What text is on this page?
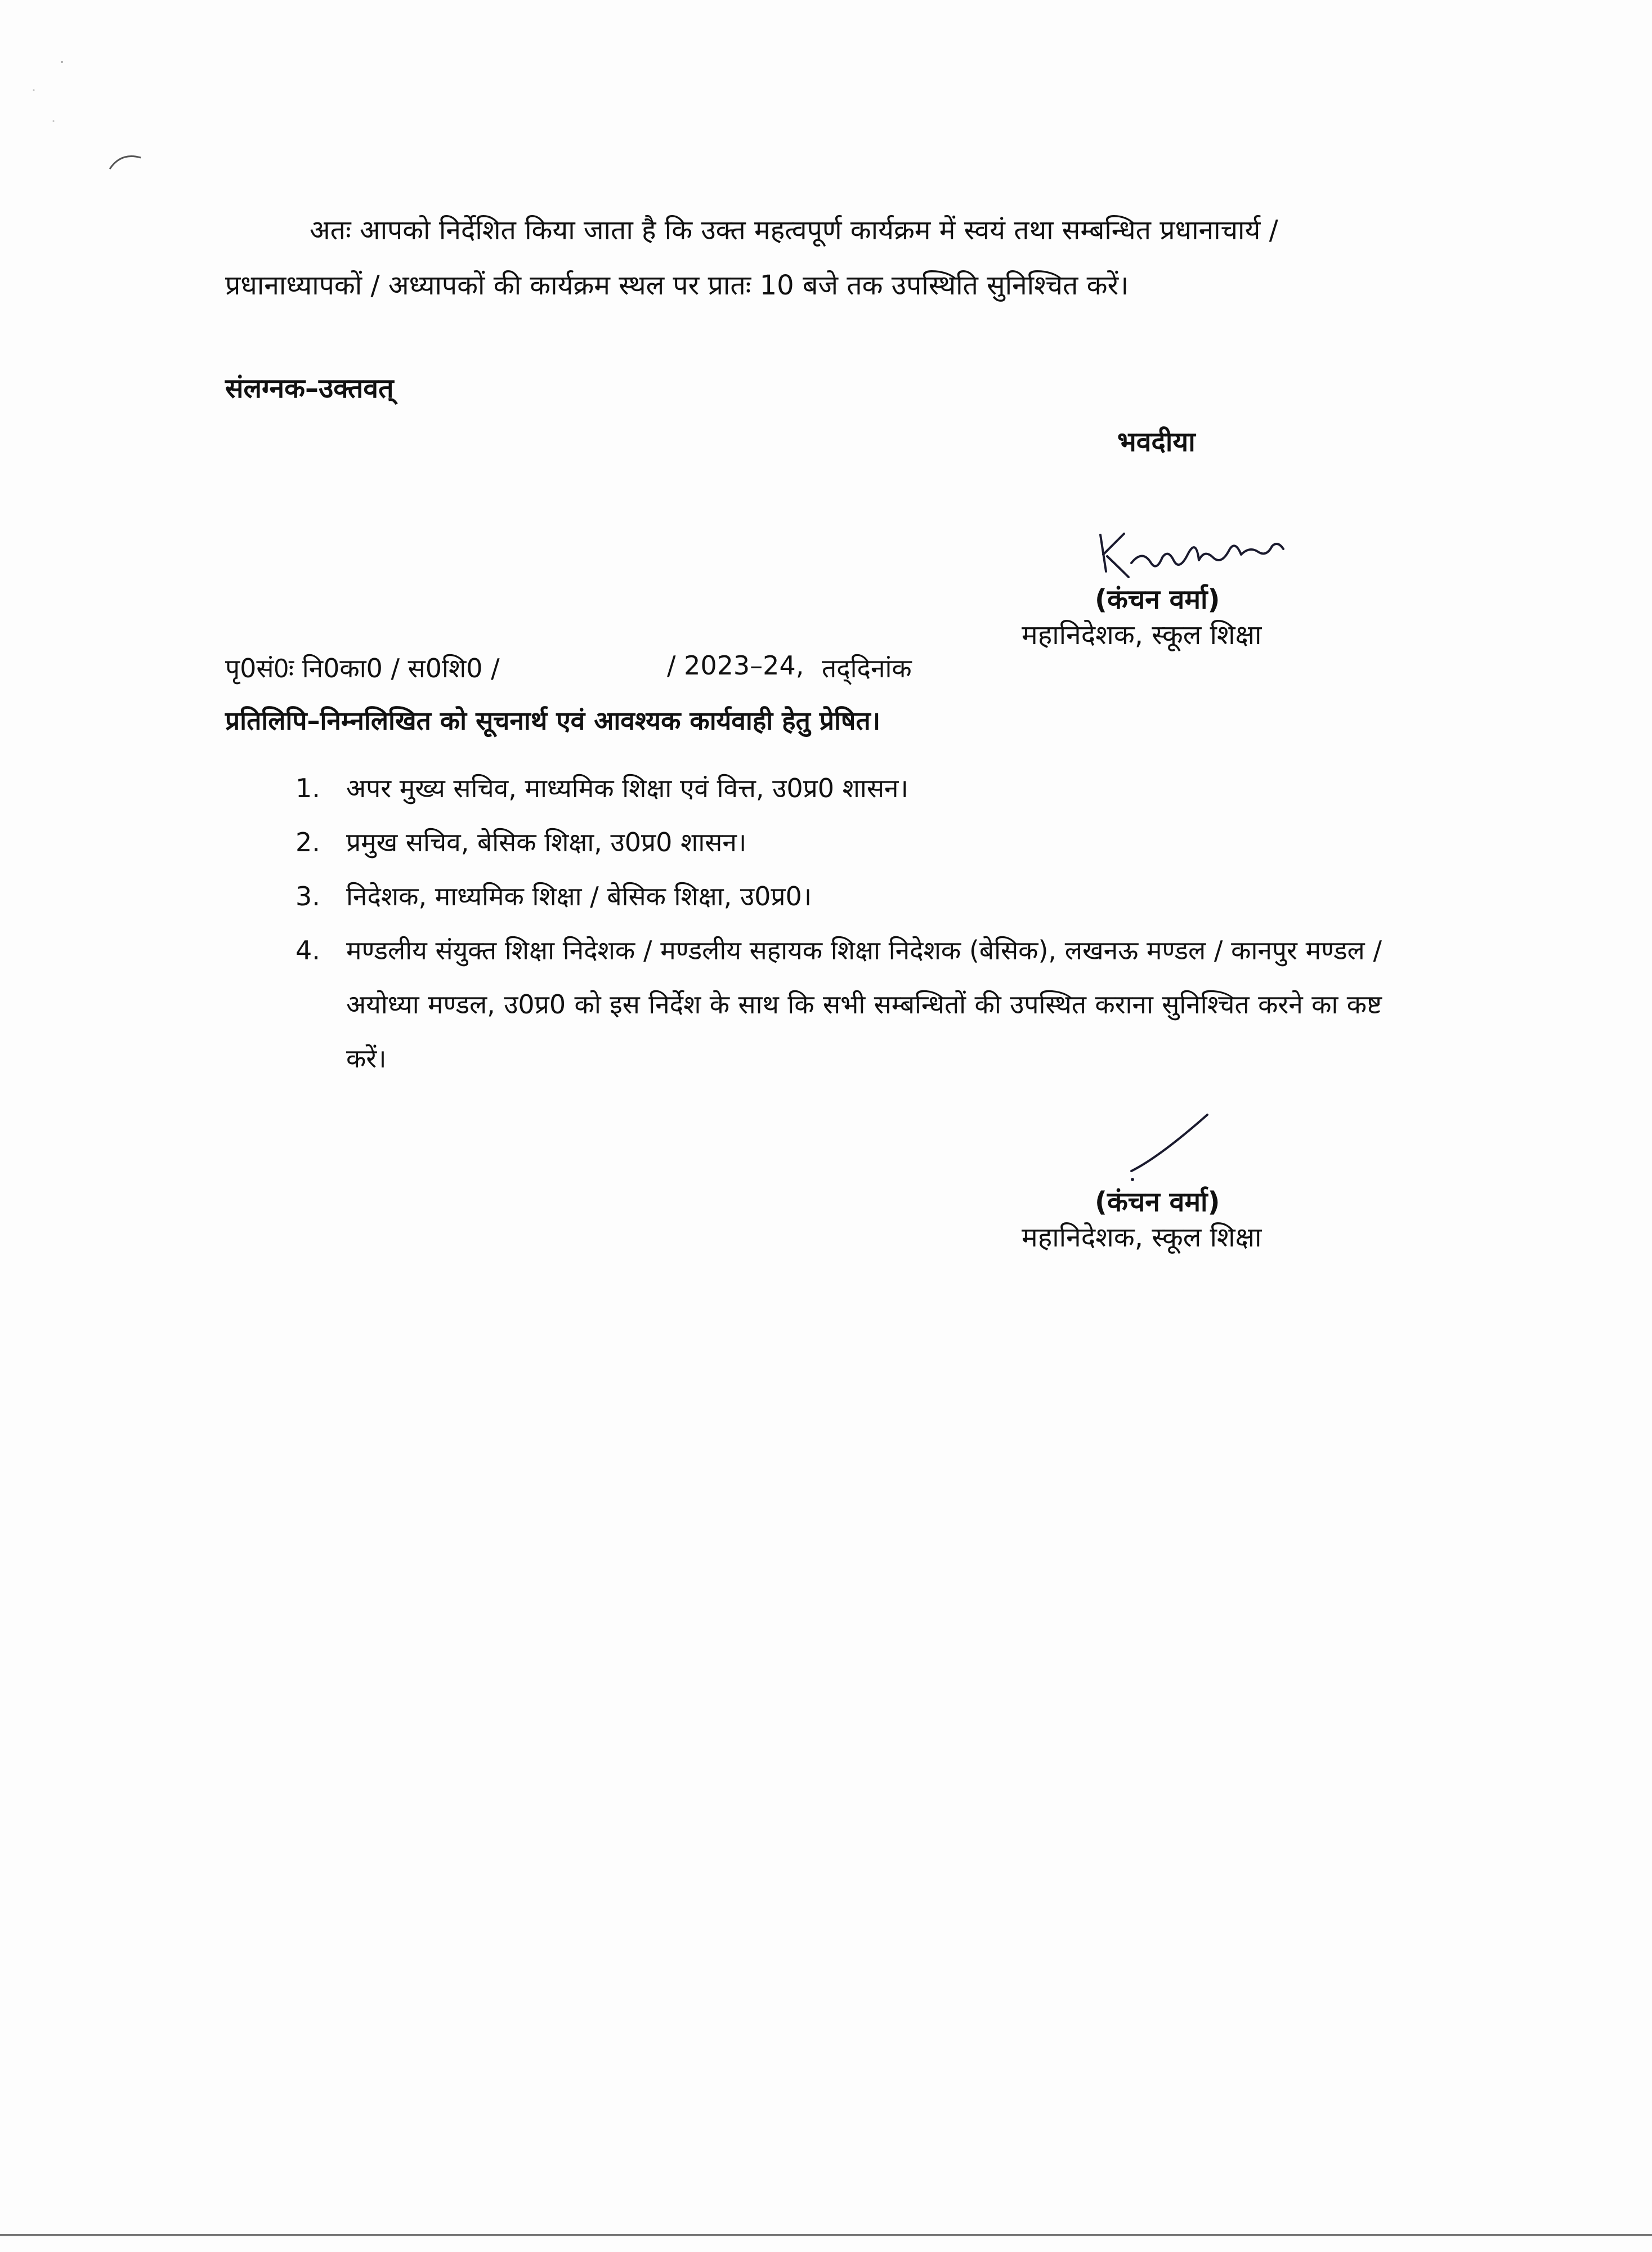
अतः आपको निर्देशित किया जाता है कि उक्त महत्वपूर्ण कार्यक्रम में स्वयं तथा सम्बन्धित प्रधानाचार्य / प्रधानाध्यापकों / अध्यापकों की कार्यक्रम स्थल पर प्रातः 10 बजे तक उपस्थिति सुनिश्चित करें।
संलग्नक–उक्तवत्
भवदीया
(कंचन वर्मा)
महानिदेशक, स्कूल शिक्षा
पृ0सं0ः नि0का0 / स0शि0 /	/ 2023–24, तद्‌दिनांक
प्रतिलिपि–निम्नलिखित को सूचनार्थ एवं आवश्यक कार्यवाही हेतु प्रेषित।
1. अपर मुख्य सचिव, माध्यमिक शिक्षा एवं वित्त, उ0प्र0 शासन।
2. प्रमुख सचिव, बेसिक शिक्षा, उ0प्र0 शासन।
3. निदेशक, माध्यमिक शिक्षा / बेसिक शिक्षा, उ0प्र0।
4. मण्डलीय संयुक्त शिक्षा निदेशक / मण्डलीय सहायक शिक्षा निदेशक (बेसिक), लखनऊ मण्डल / कानपुर मण्डल / अयोध्या मण्डल, उ0प्र0 को इस निर्देश के साथ कि सभी सम्बन्धितों की उपस्थित कराना सुनिश्चित करने का कष्ट करें।
(कंचन वर्मा)
महानिदेशक, स्कूल शिक्षा
